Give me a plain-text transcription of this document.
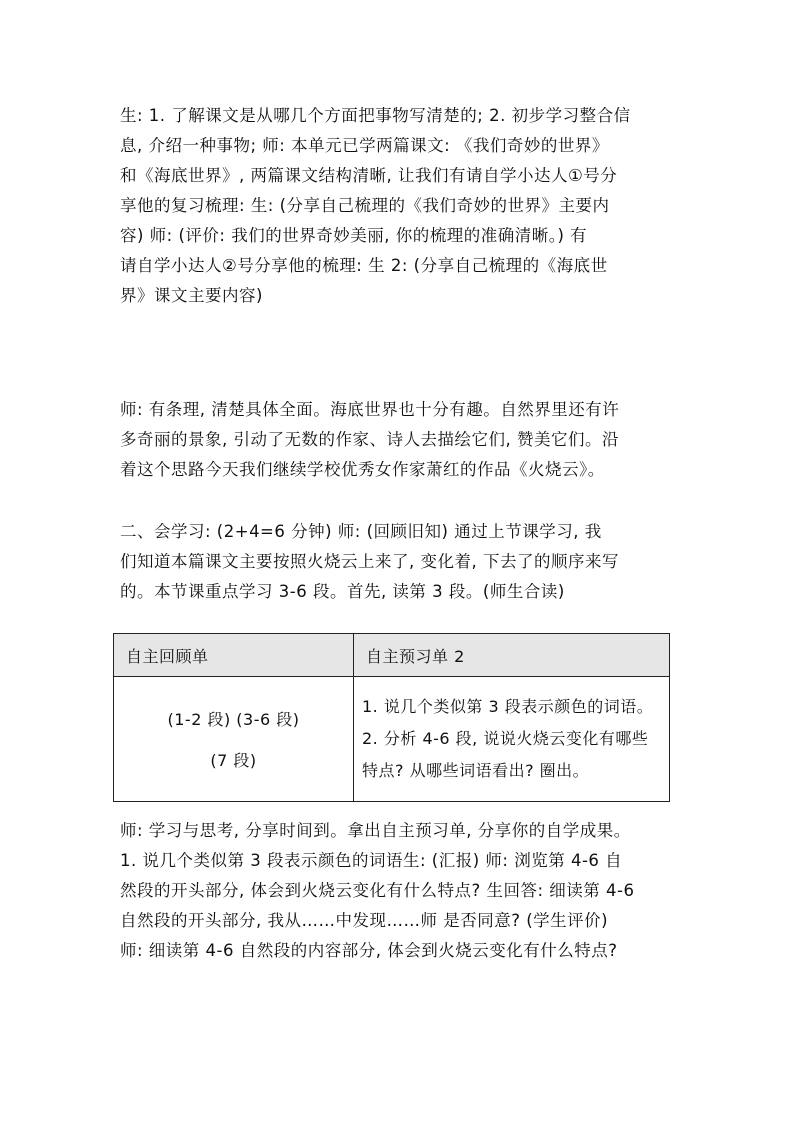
生: 1. 了解课文是从哪几个方面把事物写清楚的; 2. 初步学习整合信
息, 介绍一种事物; 师: 本单元已学两篇课文: 《我们奇妙的世界》
和《海底世界》, 两篇课文结构清晰, 让我们有请自学小达人①号分
享他的复习梳理: 生: (分享自己梳理的《我们奇妙的世界》主要内
容) 师: (评价: 我们的世界奇妙美丽, 你的梳理的准确清晰。) 有
请自学小达人②号分享他的梳理: 生 2: (分享自己梳理的《海底世
界》课文主要内容)
师: 有条理, 清楚具体全面。海底世界也十分有趣。自然界里还有许
多奇丽的景象, 引动了无数的作家、诗人去描绘它们, 赞美它们。沿
着这个思路今天我们继续学校优秀女作家萧红的作品《火烧云》。
二、会学习: (2+4=6 分钟) 师: (回顾旧知) 通过上节课学习, 我
们知道本篇课文主要按照火烧云上来了, 变化着, 下去了的顺序来写
的。本节课重点学习 3-6 段。首先, 读第 3 段。(师生合读)
自主回顾单	自主预习单 2

(1-2 段) (3-6 段)
(7 段)	1. 说几个类似第 3 段表示颜色的词语。
2. 分析 4-6 段, 说说火烧云变化有哪些
特点? 从哪些词语看出? 圈出。
师: 学习与思考, 分享时间到。拿出自主预习单, 分享你的自学成果。
1. 说几个类似第 3 段表示颜色的词语生: (汇报) 师: 浏览第 4-6 自
然段的开头部分, 体会到火烧云变化有什么特点? 生回答: 细读第 4-6
自然段的开头部分, 我从……中发现……师 是否同意? (学生评价)
师: 细读第 4-6 自然段的内容部分, 体会到火烧云变化有什么特点?
